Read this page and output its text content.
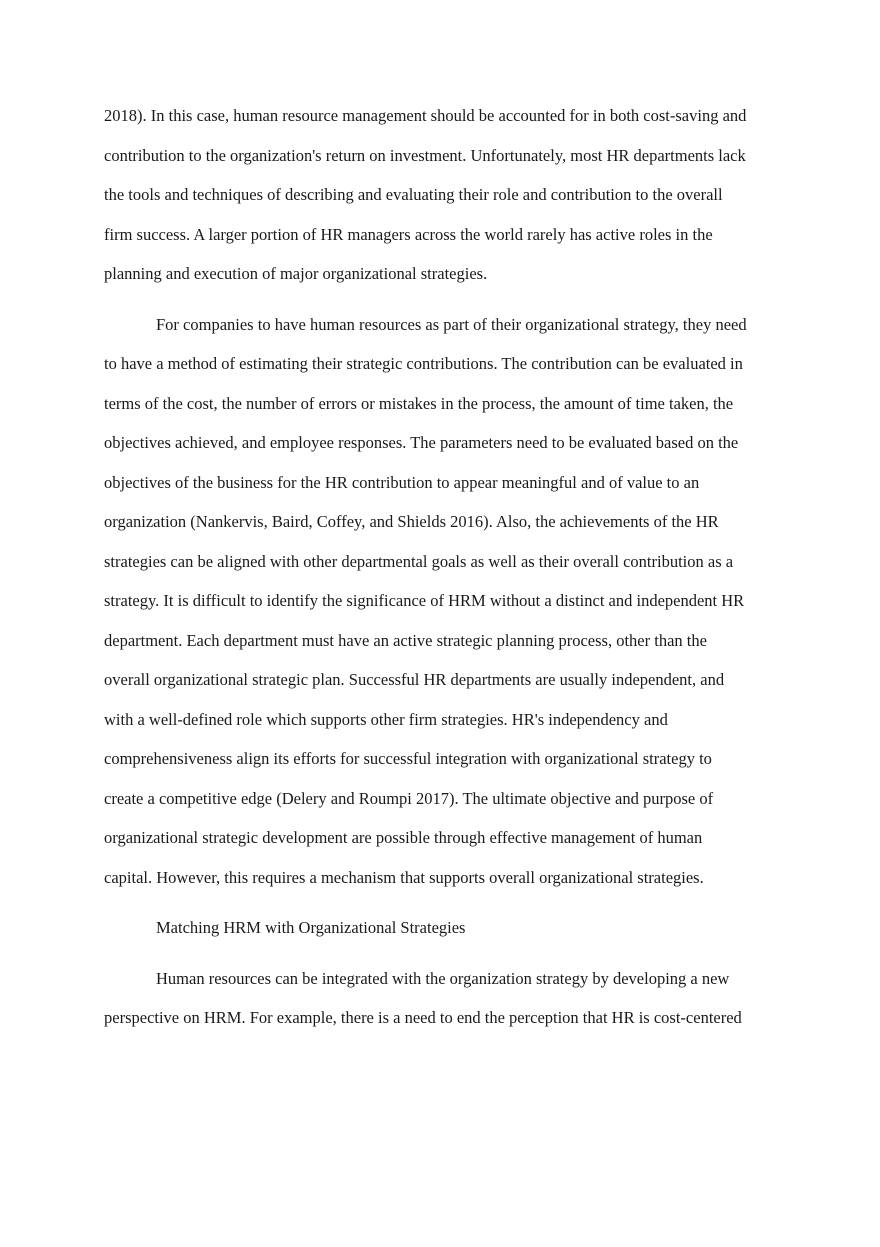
2018). In this case, human resource management should be accounted for in both cost-saving and
contribution to the organization's return on investment. Unfortunately, most HR departments lack
the tools and techniques of describing and evaluating their role and contribution to the overall
firm success. A larger portion of HR managers across the world rarely has active roles in the
planning and execution of major organizational strategies.
For companies to have human resources as part of their organizational strategy, they need
to have a method of estimating their strategic contributions. The contribution can be evaluated in
terms of the cost, the number of errors or mistakes in the process, the amount of time taken, the
objectives achieved, and employee responses. The parameters need to be evaluated based on the
objectives of the business for the HR contribution to appear meaningful and of value to an
organization (Nankervis, Baird, Coffey, and Shields 2016). Also, the achievements of the HR
strategies can be aligned with other departmental goals as well as their overall contribution as a
strategy. It is difficult to identify the significance of HRM without a distinct and independent HR
department. Each department must have an active strategic planning process, other than the
overall organizational strategic plan. Successful HR departments are usually independent, and
with a well-defined role which supports other firm strategies. HR's independency and
comprehensiveness align its efforts for successful integration with organizational strategy to
create a competitive edge (Delery and Roumpi 2017). The ultimate objective and purpose of
organizational strategic development are possible through effective management of human
capital. However, this requires a mechanism that supports overall organizational strategies.
Matching HRM with Organizational Strategies
Human resources can be integrated with the organization strategy by developing a new
perspective on HRM. For example, there is a need to end the perception that HR is cost-centered
